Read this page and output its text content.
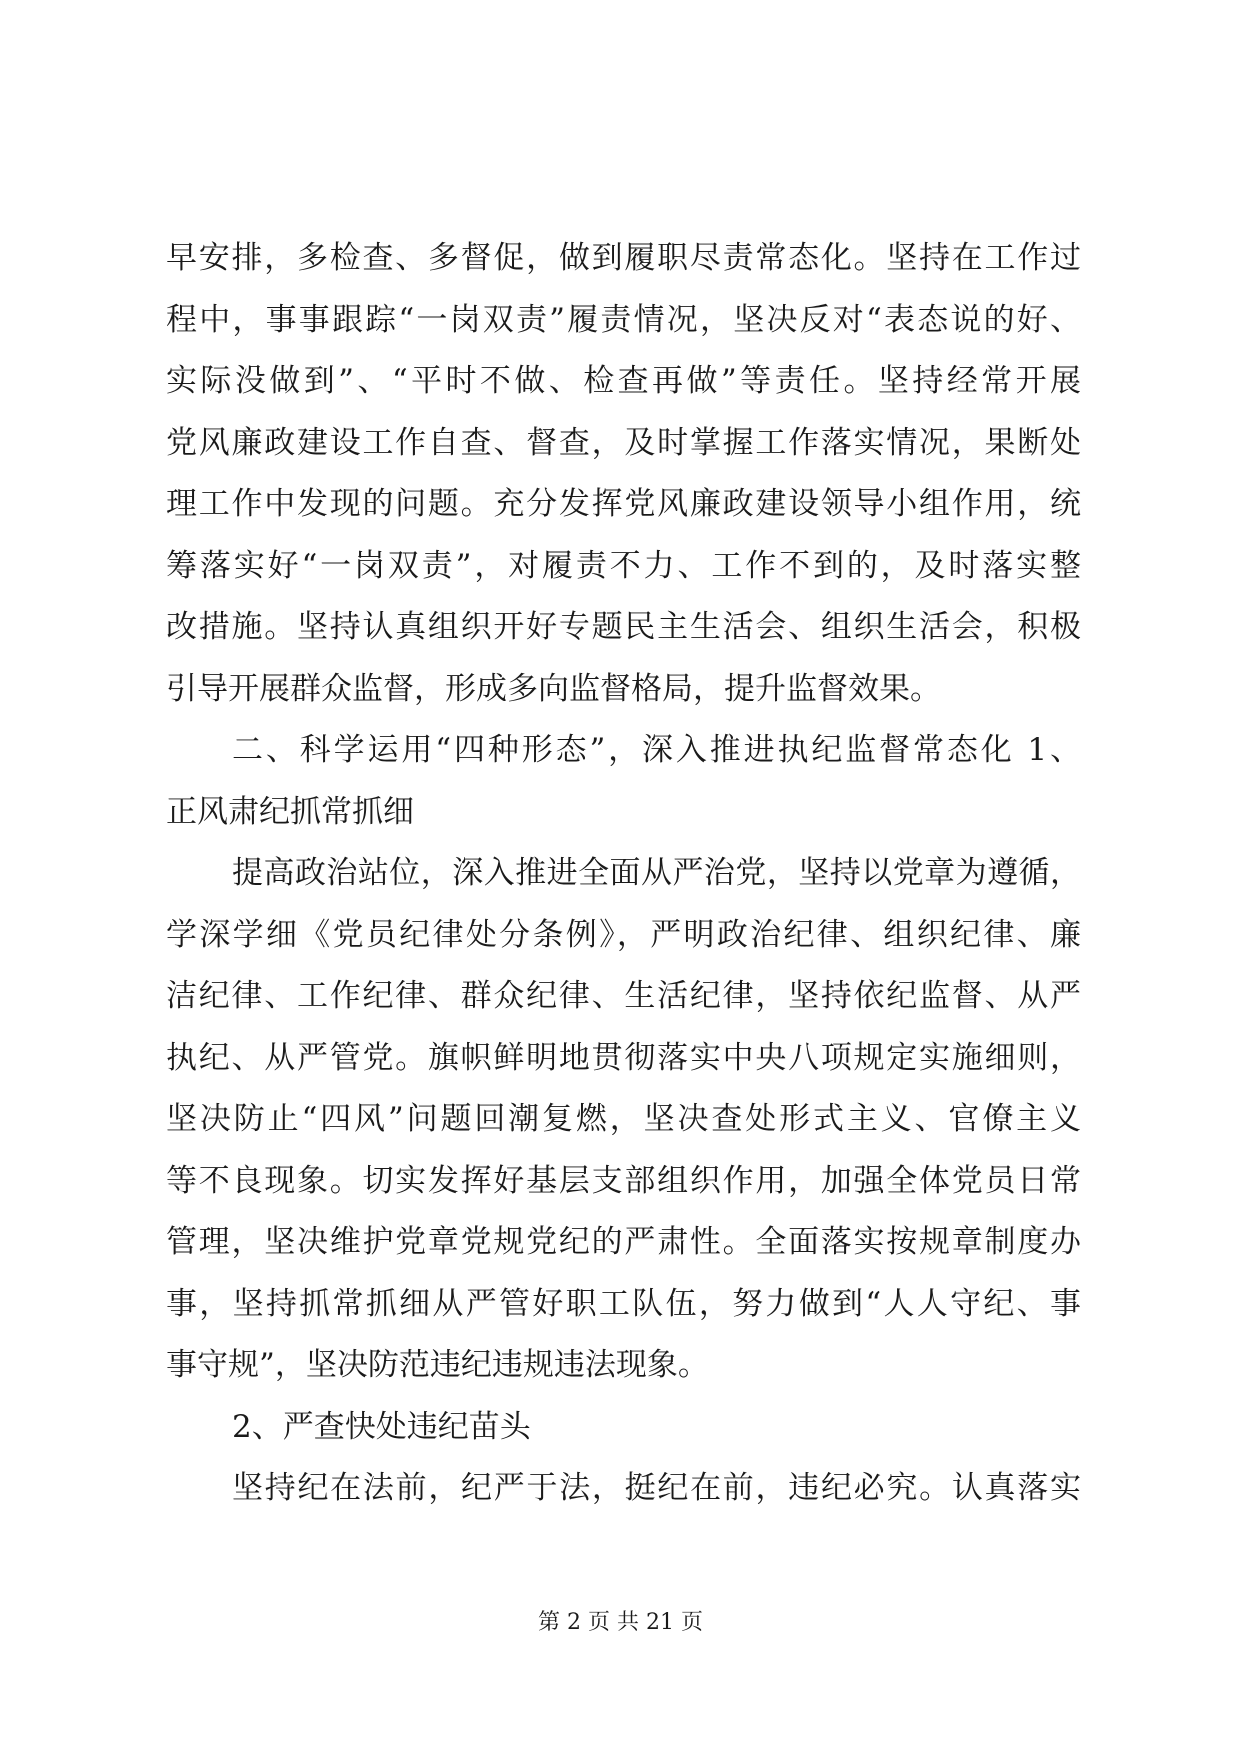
早安排，多检查、多督促，做到履职尽责常态化。坚持在工作过
程中，事事跟踪“一岗双责”履责情况，坚决反对“表态说的好、
实际没做到”、“平时不做、检查再做”等责任。坚持经常开展
党风廉政建设工作自查、督查，及时掌握工作落实情况，果断处
理工作中发现的问题。充分发挥党风廉政建设领导小组作用，统
筹落实好“一岗双责”，对履责不力、工作不到的，及时落实整
改措施。坚持认真组织开好专题民主生活会、组织生活会，积极
引导开展群众监督，形成多向监督格局，提升监督效果。
二、科学运用“四种形态”，深入推进执纪监督常态化 1、
正风肃纪抓常抓细
提高政治站位，深入推进全面从严治党，坚持以党章为遵循，
学深学细《党员纪律处分条例》，严明政治纪律、组织纪律、廉
洁纪律、工作纪律、群众纪律、生活纪律，坚持依纪监督、从严
执纪、从严管党。旗帜鲜明地贯彻落实中央八项规定实施细则，
坚决防止“四风”问题回潮复燃，坚决查处形式主义、官僚主义
等不良现象。切实发挥好基层支部组织作用，加强全体党员日常
管理，坚决维护党章党规党纪的严肃性。全面落实按规章制度办
事，坚持抓常抓细从严管好职工队伍，努力做到“人人守纪、事
事守规”，坚决防范违纪违规违法现象。
2、严查快处违纪苗头
坚持纪在法前，纪严于法，挺纪在前，违纪必究。认真落实
第 2 页 共 21 页
